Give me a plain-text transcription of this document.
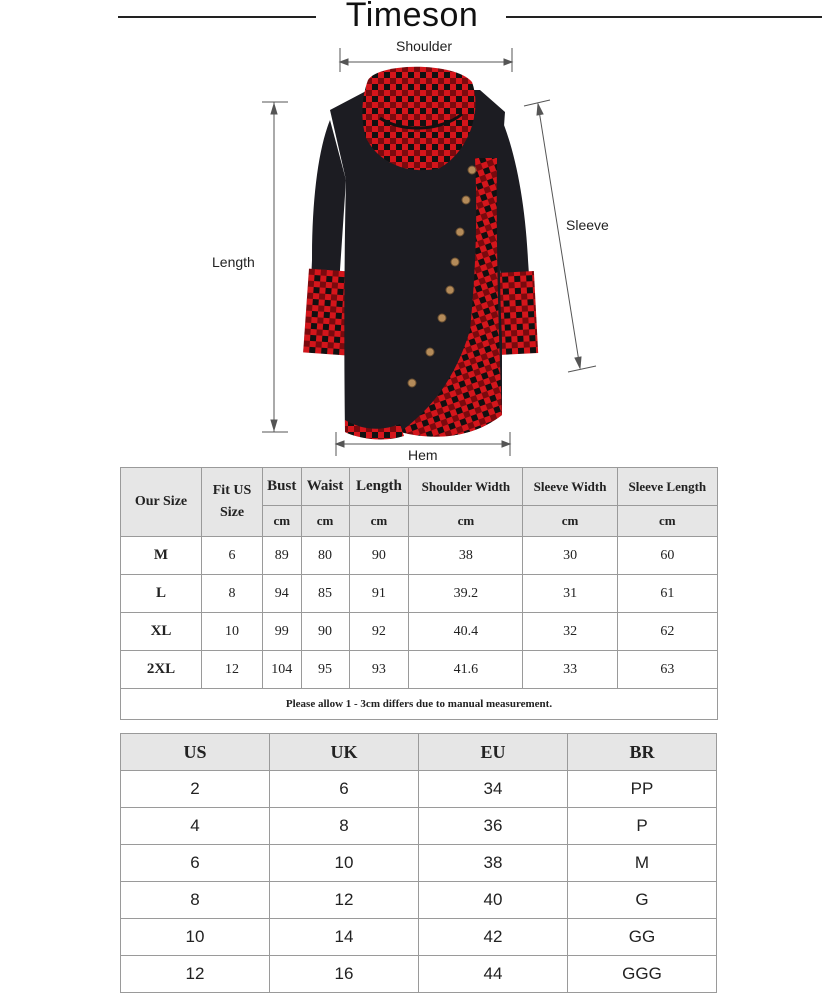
Timeson
Shoulder
Length
Sleeve
Hem
Our Size	Fit US Size	Bust	Waist	Length	Shoulder Width	Sleeve Width	Sleeve Length
		cm	cm	cm	cm	cm	cm
M	6	89	80	90	38	30	60
L	8	94	85	91	39.2	31	61
XL	10	99	90	92	40.4	32	62
2XL	12	104	95	93	41.6	33	63
Please allow 1 - 3cm differs due to manual measurement.							
US	UK	EU	BR
2	6	34	PP
4	8	36	P
6	10	38	M
8	12	40	G
10	14	42	GG
12	16	44	GGG
